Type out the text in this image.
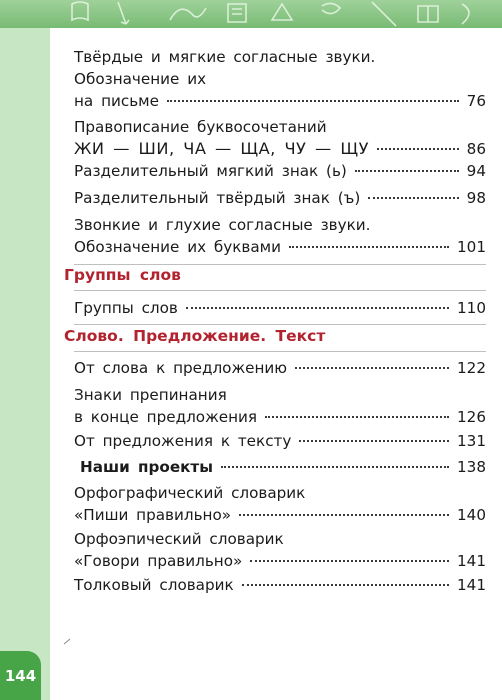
144
Твёрдые и мягкие согласные звуки.
Обозначение их
на письме	76
Правописание буквосочетаний
ЖИ — ШИ, ЧА — ЩА, ЧУ — ЩУ	86
Разделительный мягкий знак (ь)	94
Разделительный твёрдый знак (ъ)	98
Звонкие и глухие согласные звуки.
Обозначение их буквами	101
Группы слов
Группы слов	110
Слово. Предложение. Текст
От слова к предложению	122
Знаки препинания
в конце предложения	126
От предложения к тексту	131
Наши проекты	138
Орфографический словарик
«Пиши правильно»	140
Орфоэпический словарик
«Говори правильно»	141
Толковый словарик	141
